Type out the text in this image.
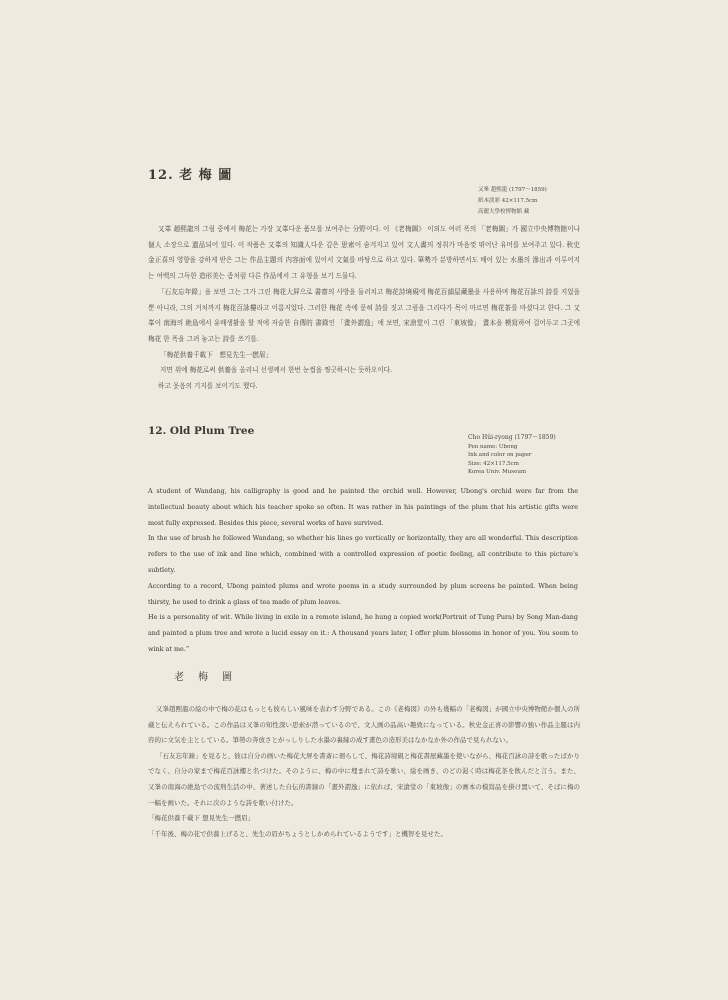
12. 老 梅 圖
又峯 趙熙龍 (1797～1859)
紙本淡彩 42×117.5cm
高麗大學校博物館 藏

又峯 趙熙龍의 그림 중에서 梅花는 가장 又峯다운 품모를 보여주는 分野이다. 이 《老梅圖》 이외도 여러 폭의 「老梅圖」가 國立中央博物館이나 個人 소장으로 遺品되어 있다. 이 작품은 又峯의 知識人다운 깊은 思索이 숨겨지고 있어 文人畵의 정취가 마음껏 뛰어난 유머를 보여주고 있다. 秋史 金正喜의 영향을 강하게 받은 그는 作品主題의 内容面에 있어서 文氣를 바탕으로 하고 있다. 筆勢가 분방하면서도 배어 있는 水墨의 滲出과 이루어지는 여백의 그득한 造形美는 좀처럼 다른 作品에서 그 유형을 보기 드물다.

「石友忘年錄」을 보면 그는 그가 그린 梅花大屛으로 書齋의 사방을 둘러치고 梅花詩境硯에 梅花百韻屋藏墨을 사용하며 梅花百詠의 詩를 지었을 뿐 아니라, 그의 거처까지 梅花百詠樓라고 이름지었다. 그러한 梅花 속에 묻혀 詩를 짓고 그림을 그리다가 목이 마르면 梅花茶를 마셨다고 한다. 그 又峯이 南海의 絶島에서 유배생활을 할 적에 저술한 自傳的 書錄인 「畫外謂逸」에 보면, 宋滄堂이 그린 「東坡像」 畫本을 模寫하여 걸어두고 그곳에 梅花 한 폭을 그려 놓고는 詩를 쓰기를.

「梅花供養千載下　想見先生一撚眉」

지면 위에 梅花로써 供養을 올리니 선생께서 한번 눈썹을 찡긋하시는 듯하오이다.

하고 웃음의 기지를 보이기도 했다.

12. Old Plum Tree
Cho Hŭi-ryong (1797～1859)
Pen name: Ubong
Ink and color on paper
Size: 42×117.5cm
Korea Univ. Museum

A student of Wandang, his calligraphy is good and he painted the orchid well. However, Ubong's orchid were far from the intellectual beauty about which his teacher spoke so often. It was rather in his paintings of the plum that his artistic gifts were most fully expressed. Besides this piece, several works of have survived.

In the use of brush he followed Wandang, so whether his lines go vertically or horizontally, they are all wonderful. This description refers to the use of ink and line which, combined with a controlled expression of poetic feeling, all contribute to this picture's subtlety.

According to a record, Ubong painted plums and wrote poems in a study surrounded by plum screens he painted. When being thirsty, he used to drink a glass of tea made of plum leaves.

He is a personality of wit. While living in exile in a remote island, he hung a copied work(Portrait of Tung Pura) by Song Man-dang and painted a plum tree and wrote a lucid essay on it.: A thousand years later, I offer plum blossoms in honor of you. You seem to wink at me.”

老梅圖

又峯趙熙龍の絵の中で梅の花はもっとも彼らしい風味を表わす分野である。この《老梅図》の外も幾幅の「老梅図」が國立中央博物館か個人の所蔵と伝えられている。この作品は又峯の知性深い思索が潜っているので、文人画の品高い趣致になっている。秋史金正喜の影響の強い作品主題は内容的に文気を主としている。筆勢の奔放さとがっしりした水墨の裏縁の成す畫色の造形美はなかなか外の作品で見られない。

「石友忘年錄」を見ると、彼は自分の画いた梅花大屏を書斎に廻らして、梅花詩境硯と梅花書屋藏墨を使いながら、梅花百詠の詩を歌ったばかりでなく、自分の家まで梅花百詠樓と名づけた。そのように、梅の中に埋まれて詩を歌い、絵を画き、のどの渇く時は梅花茶を飲んだと言う。また、又峯の南海の絶島での流刑生活の中、著述した自伝的書録の「畫外謂逸」に依れば、宋滄堂の「東坡像」の画本の模寫品を掛け置いて、そばに梅の一幅を画いた。それに次のような詩を歌い付けた。

「梅花供養千載下 想見先生一撚眉」

「千年後、梅の花で供養上げると、先生の眉がちょうとしかめられているようです」と機智を見せた。
